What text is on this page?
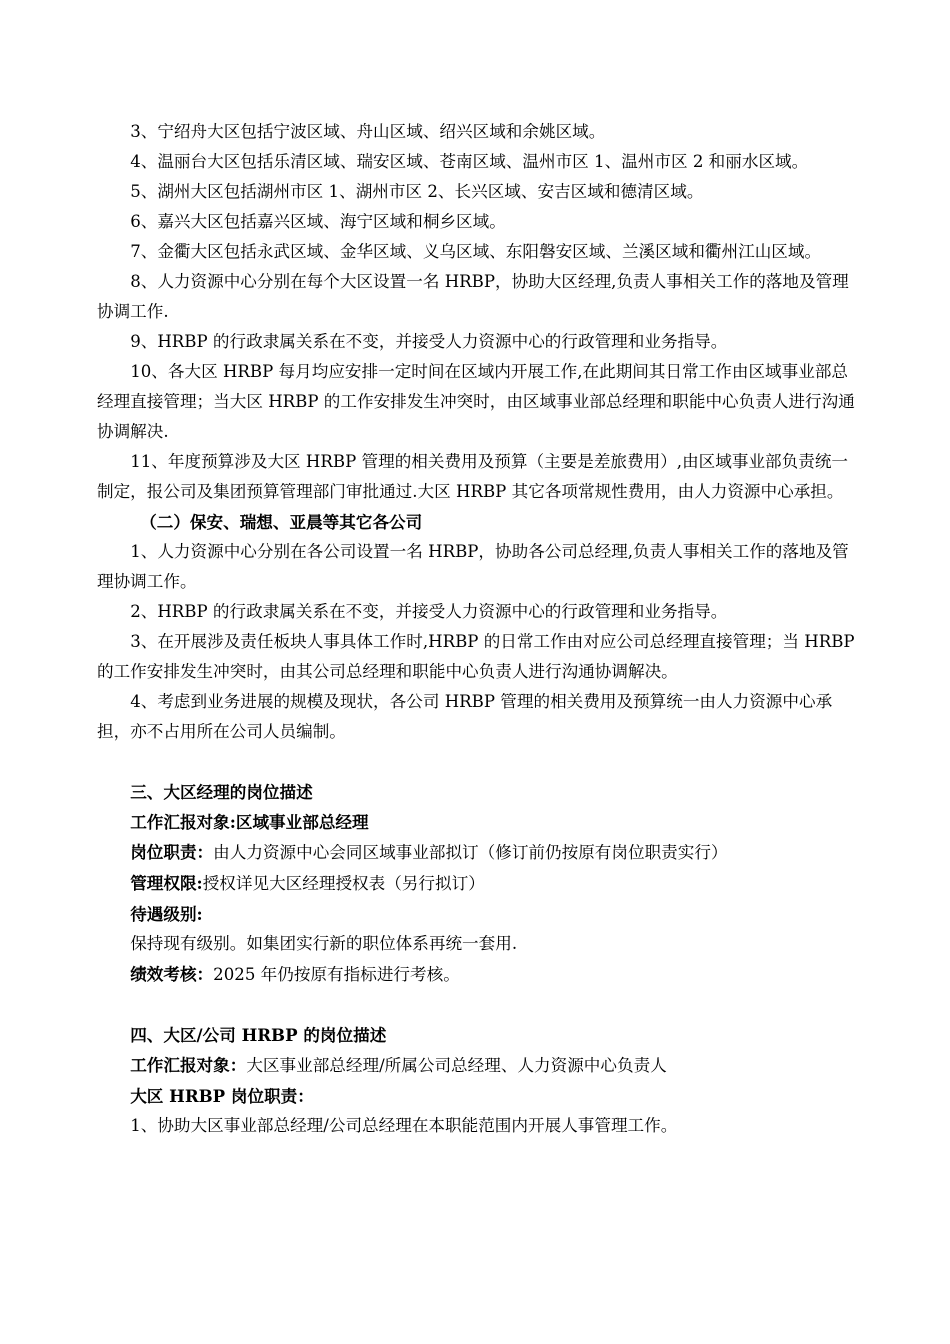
3、宁绍舟大区包括宁波区域、舟山区域、绍兴区域和余姚区域。

4、温丽台大区包括乐清区域、瑞安区域、苍南区域、温州市区 1、温州市区 2 和丽水区域。

5、湖州大区包括湖州市区 1、湖州市区 2、长兴区域、安吉区域和德清区域。

6、嘉兴大区包括嘉兴区域、海宁区域和桐乡区域。

7、金衢大区包括永武区域、金华区域、义乌区域、东阳磐安区域、兰溪区域和衢州江山区域。

8、人力资源中心分别在每个大区设置一名 HRBP，协助大区经理,负责人事相关工作的落地及管理协调工作.

9、HRBP 的行政隶属关系在不变，并接受人力资源中心的行政管理和业务指导。

10、各大区 HRBP 每月均应安排一定时间在区域内开展工作,在此期间其日常工作由区域事业部总经理直接管理；当大区 HRBP 的工作安排发生冲突时，由区域事业部总经理和职能中心负责人进行沟通协调解决.

11、年度预算涉及大区 HRBP 管理的相关费用及预算（主要是差旅费用）,由区域事业部负责统一制定，报公司及集团预算管理部门审批通过.大区 HRBP 其它各项常规性费用，由人力资源中心承担。

（二）保安、瑞想、亚晨等其它各公司

1、人力资源中心分别在各公司设置一名 HRBP，协助各公司总经理,负责人事相关工作的落地及管理协调工作。

2、HRBP 的行政隶属关系在不变，并接受人力资源中心的行政管理和业务指导。

3、在开展涉及责任板块人事具体工作时,HRBP 的日常工作由对应公司总经理直接管理；当 HRBP 的工作安排发生冲突时，由其公司总经理和职能中心负责人进行沟通协调解决。

4、考虑到业务进展的规模及现状，各公司 HRBP 管理的相关费用及预算统一由人力资源中心承担，亦不占用所在公司人员编制。

三、大区经理的岗位描述

工作汇报对象:区域事业部总经理

岗位职责：由人力资源中心会同区域事业部拟订（修订前仍按原有岗位职责实行）

管理权限:授权详见大区经理授权表（另行拟订）

待遇级别:

保持现有级别。如集团实行新的职位体系再统一套用.

绩效考核：2025 年仍按原有指标进行考核。

四、大区/公司 HRBP 的岗位描述

工作汇报对象：大区事业部总经理/所属公司总经理、人力资源中心负责人

大区 HRBP 岗位职责：

1、协助大区事业部总经理/公司总经理在本职能范围内开展人事管理工作。
